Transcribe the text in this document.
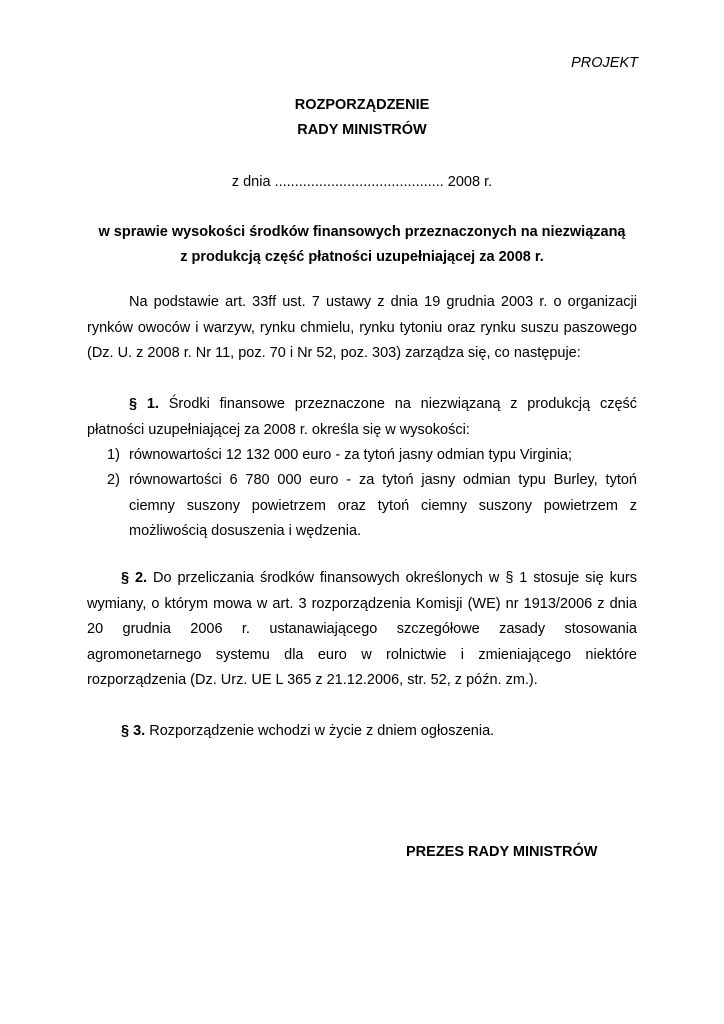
PROJEKT
ROZPORZĄDZENIE
RADY MINISTRÓW
z dnia .......................................... 2008 r.
w sprawie wysokości środków finansowych przeznaczonych na niezwiązaną
z produkcją część płatności uzupełniającej za 2008 r.
Na podstawie art. 33ff ust. 7 ustawy z dnia 19 grudnia 2003 r. o organizacji
rynków owoców i warzyw, rynku chmielu, rynku tytoniu oraz rynku suszu paszowego
(Dz. U. z 2008 r. Nr 11, poz. 70 i Nr 52, poz. 303) zarządza się, co następuje:
§ 1. Środki finansowe przeznaczone na niezwiązaną z produkcją część
płatności uzupełniającej za 2008 r. określa się w wysokości:
1) równowartości 12 132 000 euro - za tytoń jasny odmian typu Virginia;
2) równowartości 6 780 000 euro - za tytoń jasny odmian typu Burley, tytoń
ciemny suszony powietrzem oraz tytoń ciemny suszony powietrzem z
możliwością dosuszenia i wędzenia.
§ 2. Do przeliczania środków finansowych określonych w § 1 stosuje się kurs
wymiany, o którym mowa w art. 3 rozporządzenia Komisji (WE) nr 1913/2006 z dnia
20 grudnia 2006 r. ustanawiającego szczegółowe zasady stosowania
agromonetarnego systemu dla euro w rolnictwie i zmieniającego niektóre
rozporządzenia (Dz. Urz. UE L 365 z 21.12.2006, str. 52, z późn. zm.).
§ 3. Rozporządzenie wchodzi w życie z dniem ogłoszenia.
PREZES RADY MINISTRÓW
